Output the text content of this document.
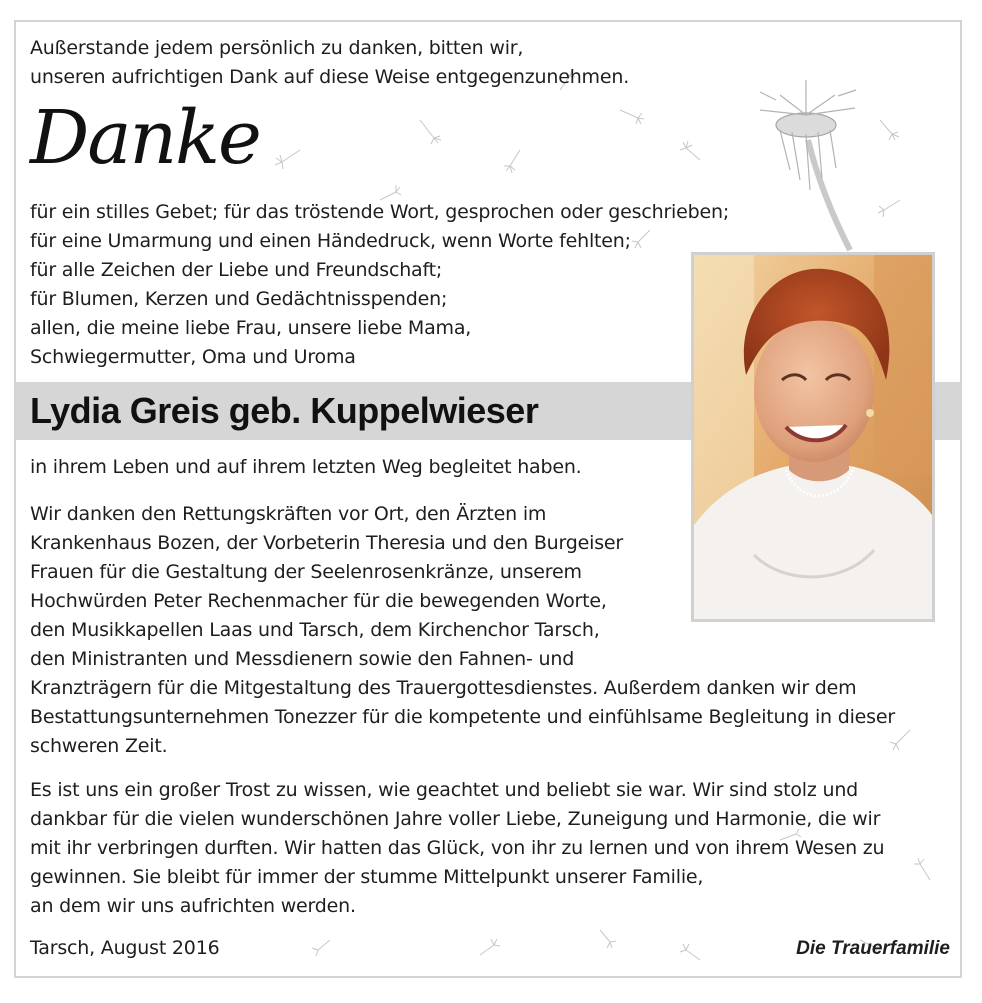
Außerstande jedem persönlich zu danken, bitten wir,
unseren aufrichtigen Dank auf diese Weise entgegenzunehmen.
Danke
für ein stilles Gebet; für das tröstende Wort, gesprochen oder geschrieben;
für eine Umarmung und einen Händedruck, wenn Worte fehlten;
für alle Zeichen der Liebe und Freundschaft;
für Blumen, Kerzen und Gedächtnisspenden;
allen, die meine liebe Frau, unsere liebe Mama,
Schwiegermutter, Oma und Uroma
Lydia Greis geb. Kuppelwieser
in ihrem Leben und auf ihrem letzten Weg begleitet haben.
Wir danken den Rettungskräften vor Ort, den Ärzten im
Krankenhaus Bozen, der Vorbeterin Theresia und den Burgeiser
Frauen für die Gestaltung der Seelenrosenkränze, unserem
Hochwürden Peter Rechenmacher für die bewegenden Worte,
den Musikkapellen Laas und Tarsch, dem Kirchenchor Tarsch,
den Ministranten und Messdienern sowie den Fahnen- und
Kranzträgern für die Mitgestaltung des Trauergottesdienstes. Außerdem danken wir dem
Bestattungsunternehmen Tonezzer für die kompetente und einfühlsame Begleitung in dieser
schweren Zeit.
Es ist uns ein großer Trost zu wissen, wie geachtet und beliebt sie war. Wir sind stolz und
dankbar für die vielen wunderschönen Jahre voller Liebe, Zuneigung und Harmonie, die wir
mit ihr verbringen durften. Wir hatten das Glück, von ihr zu lernen und von ihrem Wesen zu
gewinnen. Sie bleibt für immer der stumme Mittelpunkt unserer Familie,
an dem wir uns aufrichten werden.
Tarsch, August 2016	Die Trauerfamilie
